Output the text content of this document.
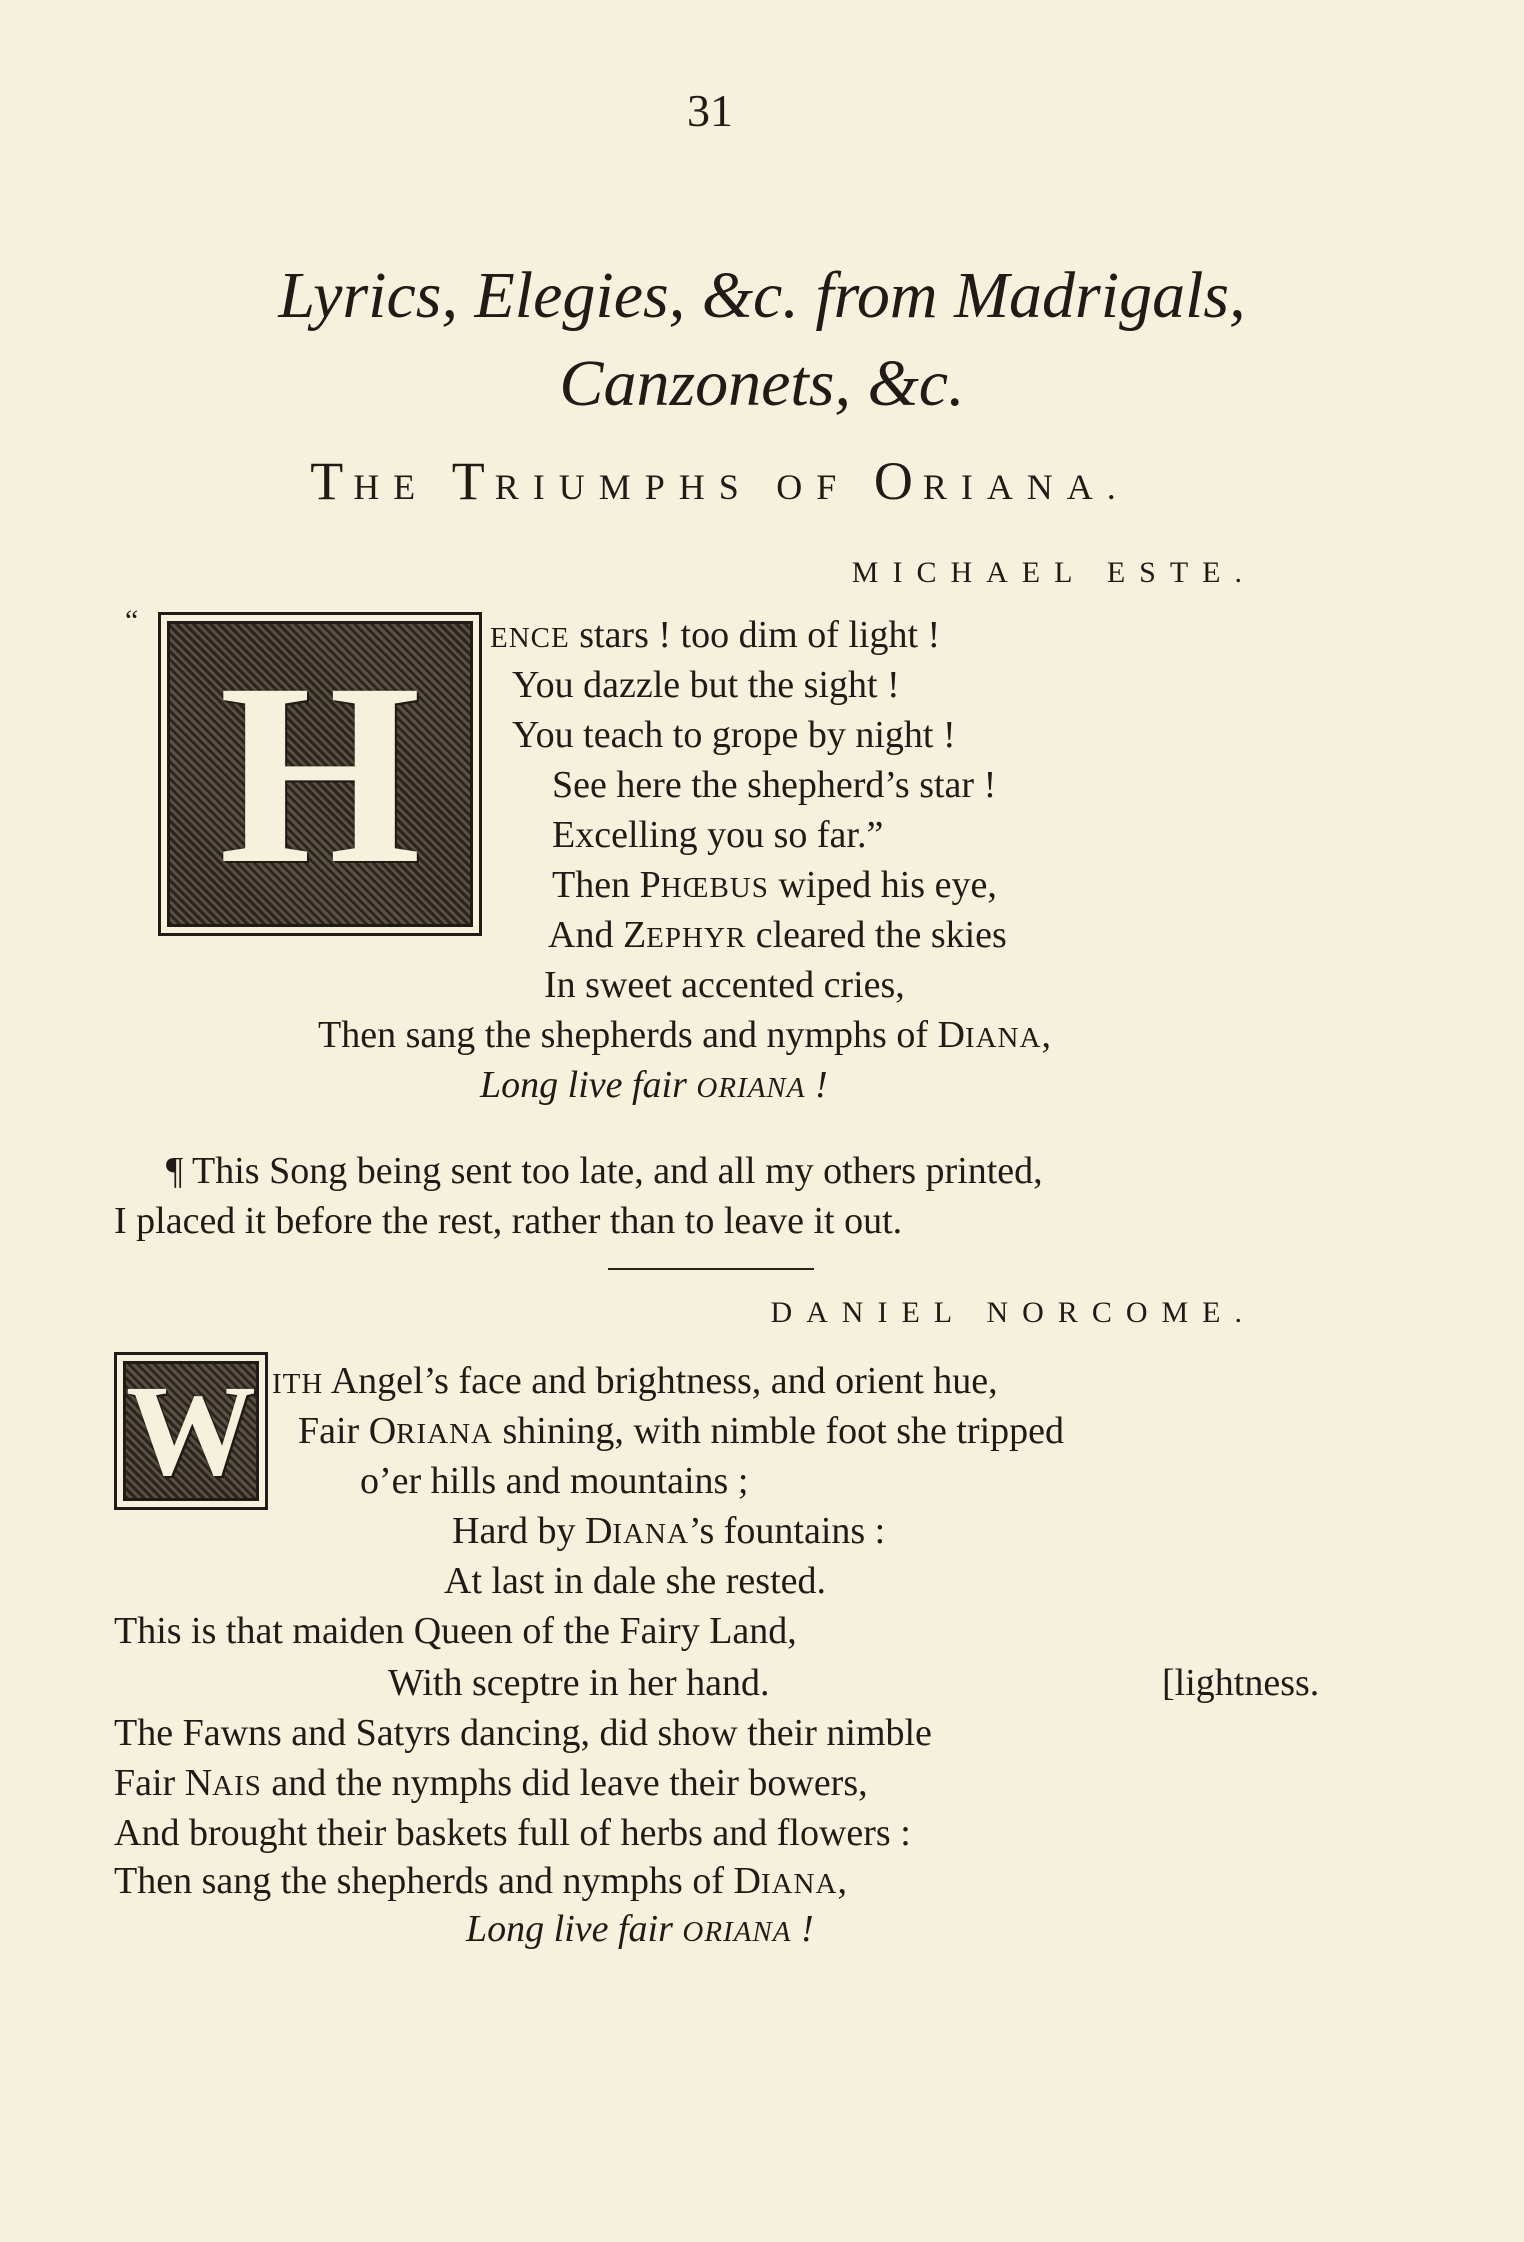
31
Lyrics, Elegies, &c. from Madrigals,
Canzonets, &c.
THE TRIUMPHS OF ORIANA.
MICHAEL ESTE.
“
H	ENCE stars ! too dim of light !
You dazzle but the sight !
You teach to grope by night !
See here the shepherd’s star !
Excelling you so far.”
Then PHŒBUS wiped his eye,
And ZEPHYR cleared the skies
In sweet accented cries,
Then sang the shepherds and nymphs of DIANA,
Long live fair ORIANA !
¶ This Song being sent too late, and all my others printed,
I placed it before the rest, rather than to leave it out.
DANIEL NORCOME.
W ITH Angel’s face and brightness, and orient hue,
Fair ORIANA shining, with nimble foot she tripped
o’er hills and mountains ;
Hard by DIANA’s fountains :
At last in dale she rested.
This is that maiden Queen of the Fairy Land,
With sceptre in her hand.
The Fawns and Satyrs dancing, did show their nimble
Fair NAIS and the nymphs did leave their bowers,
And brought their baskets full of herbs and flowers :
Then sang the shepherds and nymphs of DIANA,
[lightness.
Long live fair ORIANA !
